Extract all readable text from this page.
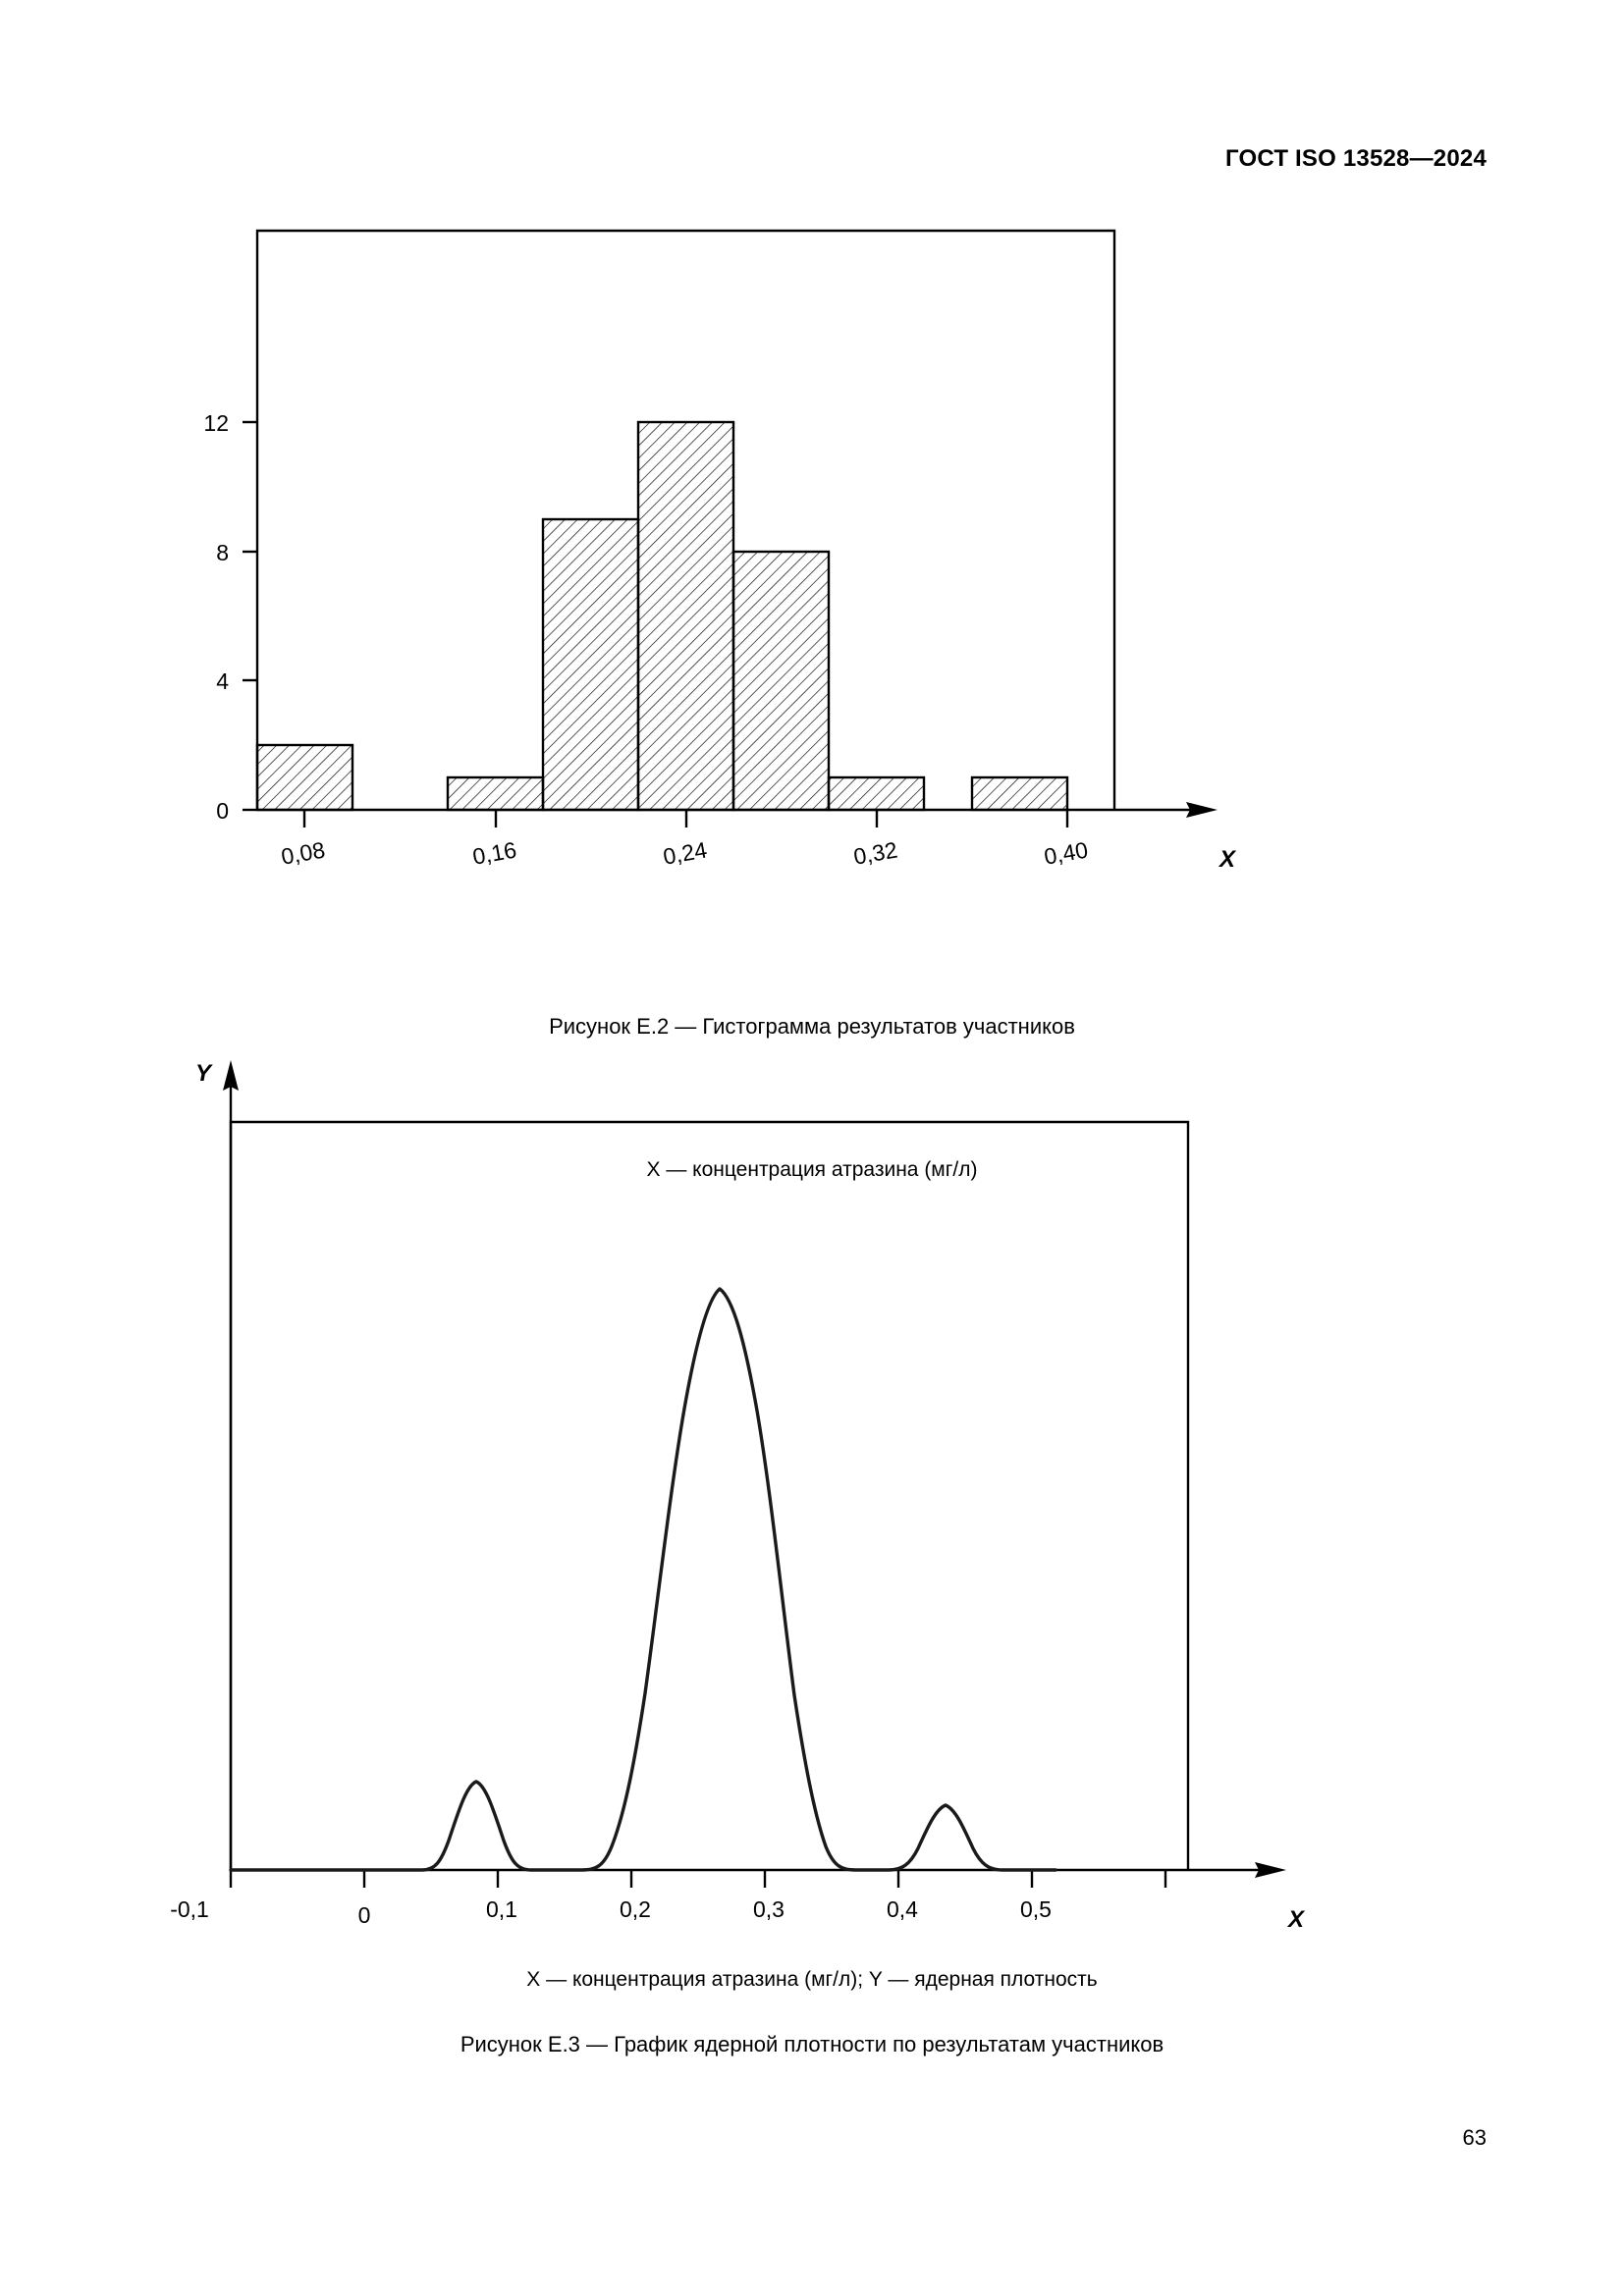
ГОСТ ISO 13528—2024
0
4
8
12
0,08	0,16	0,24	0,32	0,40	X
X — концентрация атразина (мг/л)
Рисунок Е.2 — Гистограмма результатов участников
Y
-0,1	0	0,1	0,2	0,3	0,4	0,5	X
X — концентрация атразина (мг/л); Y — ядерная плотность
Рисунок Е.3 — График ядерной плотности по результатам участников
63
